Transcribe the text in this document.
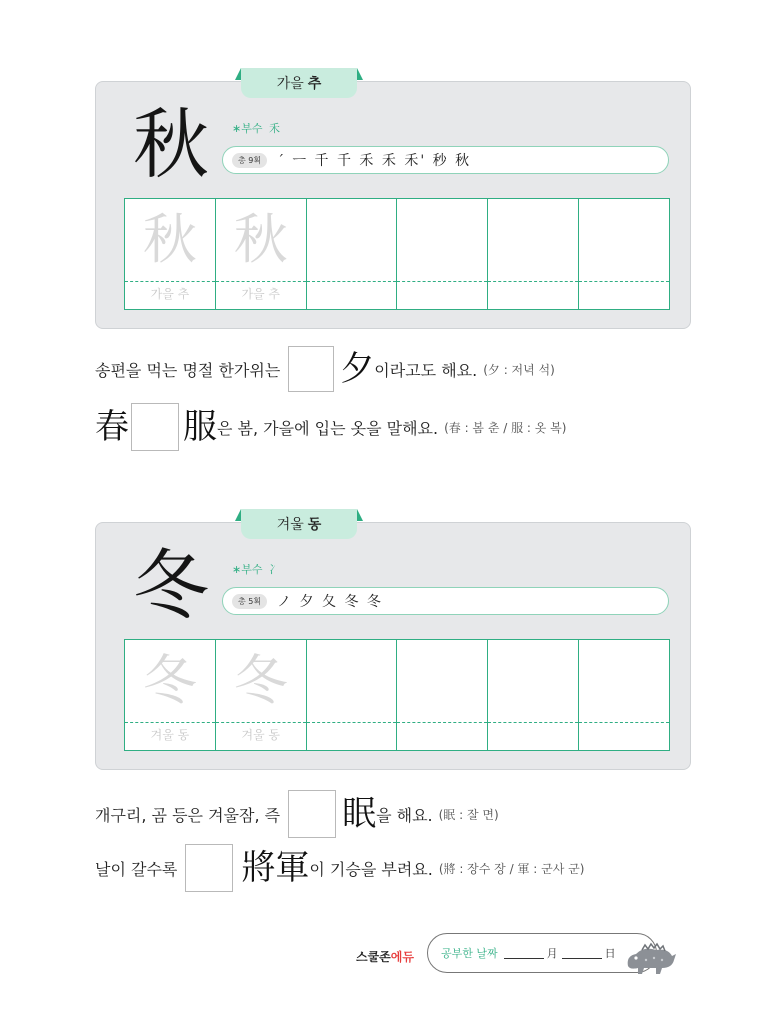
가을 추
秋	∗부수 禾
총 9획	ˊ ㅡ 千 千 禾 禾 禾' 秒 秋
秋
가을 추
秋
가을 추
송편을 먹는 명절 한가위는 夕 이라고도 해요. (夕 : 저녁 석)
春 服 은 봄, 가을에 입는 옷을 말해요. (春 : 봄 춘 / 服 : 옷 복)
겨울 동
冬	∗부수 冫
총 5획	ノ 夕 夂 冬 冬
冬
겨울 동
冬
겨울 동
개구리, 곰 등은 겨울잠, 즉 眠 을 해요. (眠 : 잘 면)
날이 갈수록 將軍 이 기승을 부려요. (將 : 장수 장 / 軍 : 군사 군)
스쿨존에듀 공부한 날짜	月	日
